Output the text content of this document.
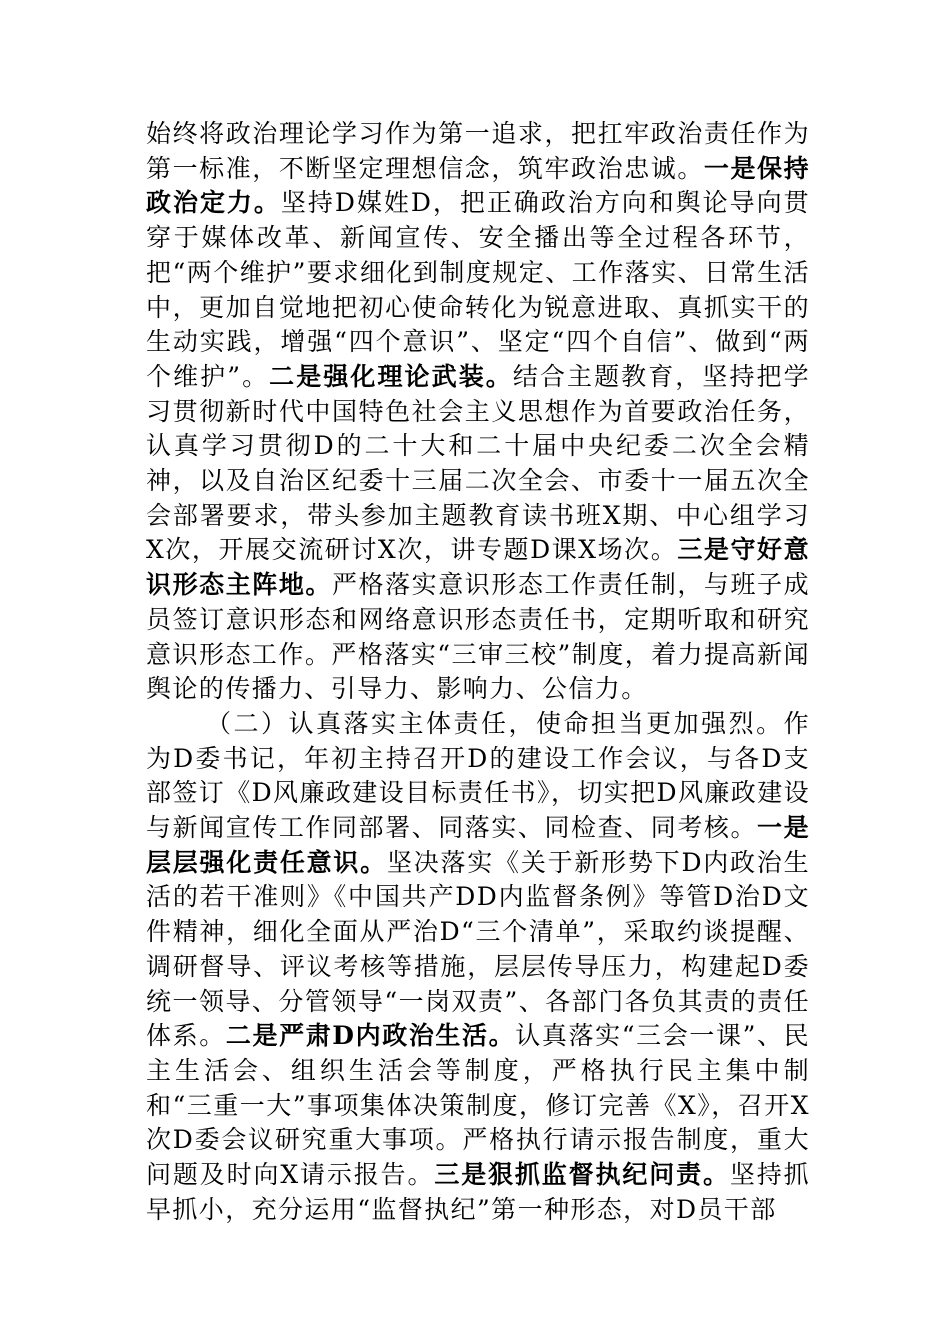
始终将政治理论学习作为第一追求，把扛牢政治责任作为第一标准，不断坚定理想信念，筑牢政治忠诚。一是保持政治定力。坚持D媒姓D，把正确政治方向和舆论导向贯穿于媒体改革、新闻宣传、安全播出等全过程各环节，把“两个维护”要求细化到制度规定、工作落实、日常生活中，更加自觉地把初心使命转化为锐意进取、真抓实干的生动实践，增强“四个意识”、坚定“四个自信”、做到“两个维护”。二是强化理论武装。结合主题教育，坚持把学习贯彻新时代中国特色社会主义思想作为首要政治任务，认真学习贯彻D的二十大和二十届中央纪委二次全会精神，以及自治区纪委十三届二次全会、市委十一届五次全会部署要求，带头参加主题教育读书班X期、中心组学习X次，开展交流研讨X次，讲专题D课X场次。三是守好意识形态主阵地。严格落实意识形态工作责任制，与班子成员签订意识形态和网络意识形态责任书，定期听取和研究意识形态工作。严格落实“三审三校”制度，着力提高新闻舆论的传播力、引导力、影响力、公信力。

（二）认真落实主体责任，使命担当更加强烈。作为D委书记，年初主持召开D的建设工作会议，与各D支部签订《D风廉政建设目标责任书》，切实把D风廉政建设与新闻宣传工作同部署、同落实、同检查、同考核。一是层层强化责任意识。坚决落实《关于新形势下D内政治生活的若干准则》《中国共产DD内监督条例》等管D治D文件精神，细化全面从严治D“三个清单”，采取约谈提醒、调研督导、评议考核等措施，层层传导压力，构建起D委统一领导、分管领导“一岗双责”、各部门各负其责的责任体系。二是严肃D内政治生活。认真落实“三会一课”、民主生活会、组织生活会等制度，严格执行民主集中制和“三重一大”事项集体决策制度，修订完善《X》，召开X次D委会议研究重大事项。严格执行请示报告制度，重大问题及时向X请示报告。三是狠抓监督执纪问责。坚持抓早抓小，充分运用“监督执纪”第一种形态，对D员干部
